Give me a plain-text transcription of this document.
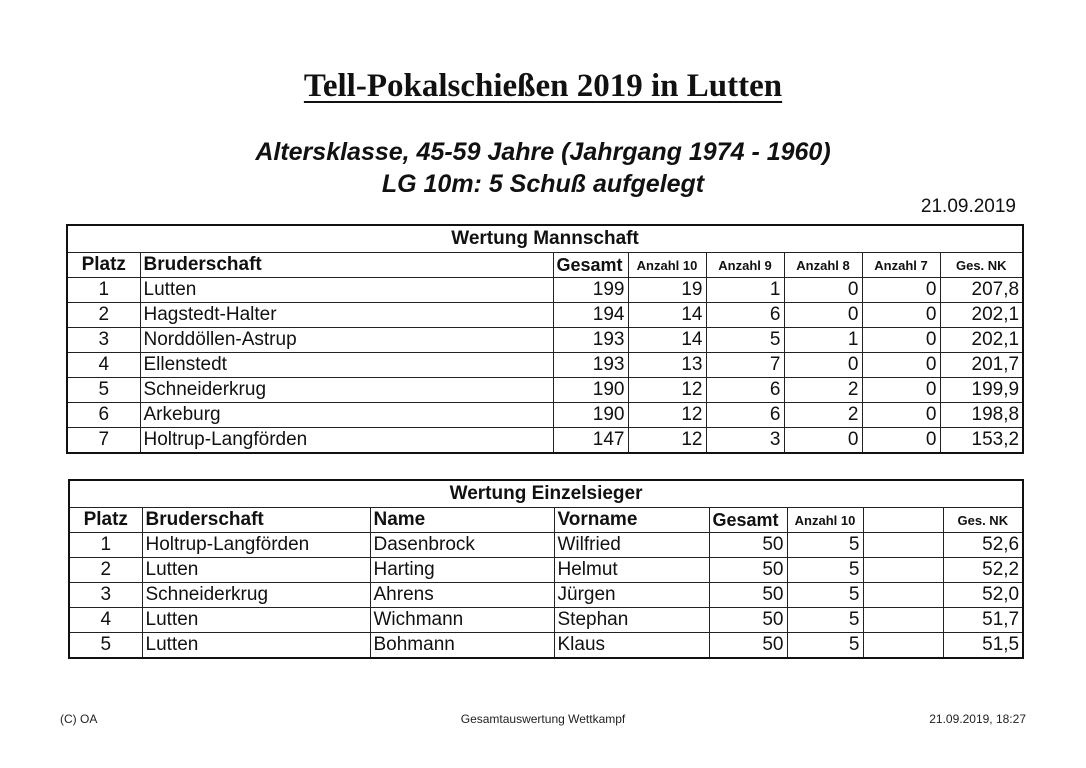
Tell-Pokalschießen 2019 in Lutten
Altersklasse, 45-59 Jahre (Jahrgang 1974 - 1960)
LG 10m: 5 Schuß aufgelegt
21.09.2019
Wertung Mannschaft							
Platz	Bruderschaft	Gesamt	Anzahl 10	Anzahl 9	Anzahl 8	Anzahl 7	Ges. NK
1	Lutten	199	19	1	0	0	207,8
2	Hagstedt-Halter	194	14	6	0	0	202,1
3	Norddöllen-Astrup	193	14	5	1	0	202,1
4	Ellenstedt	193	13	7	0	0	201,7
5	Schneiderkrug	190	12	6	2	0	199,9
6	Arkeburg	190	12	6	2	0	198,8
7	Holtrup-Langförden	147	12	3	0	0	153,2
Wertung Einzelsieger							
Platz	Bruderschaft	Name	Vorname	Gesamt	Anzahl 10		Ges. NK
1	Holtrup-Langförden	Dasenbrock	Wilfried	50	5		52,6
2	Lutten	Harting	Helmut	50	5		52,2
3	Schneiderkrug	Ahrens	Jürgen	50	5		52,0
4	Lutten	Wichmann	Stephan	50	5		51,7
5	Lutten	Bohmann	Klaus	50	5		51,5
(C) OA	Gesamtauswertung Wettkampf	21.09.2019, 18:27
